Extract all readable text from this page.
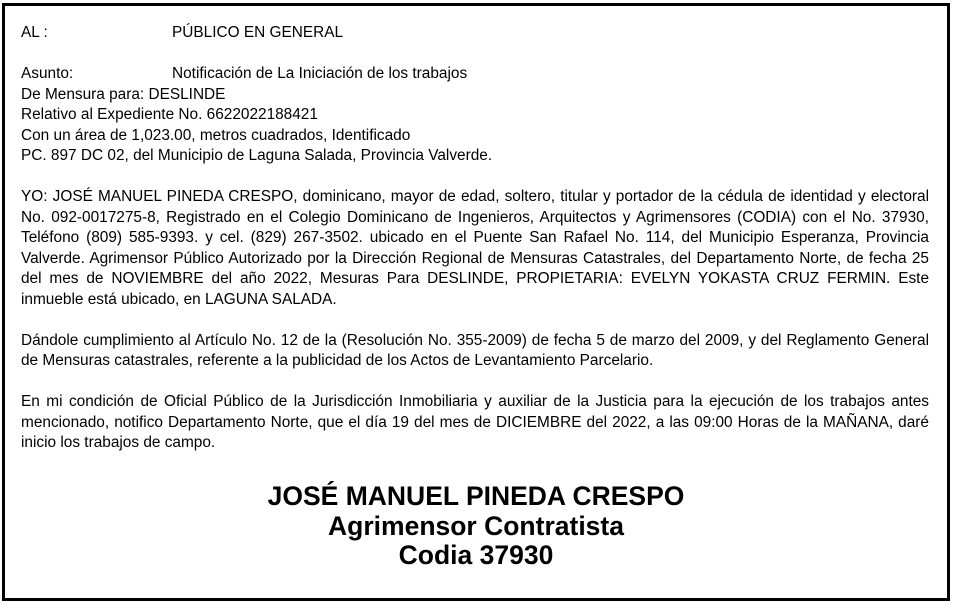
AL :	PÚBLICO EN GENERAL
Asunto:	Notificación de La Iniciación de los trabajos
De Mensura para: DESLINDE
Relativo al Expediente No. 6622022188421
Con un área de 1,023.00, metros cuadrados, Identificado
PC. 897 DC 02, del Municipio de Laguna Salada, Provincia Valverde.
YO: JOSÉ MANUEL PINEDA CRESPO, dominicano, mayor de edad, soltero, titular y portador de la cédula de identidad y electoral No. 092-0017275-8, Registrado en el Colegio Dominicano de Ingenieros, Arquitectos y Agrimensores (CODIA) con el No. 37930, Teléfono (809) 585-9393. y cel. (829) 267-3502. ubicado en el Puente San Rafael No. 114, del Municipio Esperanza, Provincia Valverde. Agrimensor Público Autorizado por la Dirección Regional de Mensuras Catastrales, del Departamento Norte, de fecha 25 del mes de NOVIEMBRE del año 2022, Mesuras Para DESLINDE, PROPIETARIA: EVELYN YOKASTA CRUZ FERMIN. Este inmueble está ubicado, en LAGUNA SALADA.
Dándole cumplimiento al Artículo No. 12 de la (Resolución No. 355-2009) de fecha 5 de marzo del 2009, y del Reglamento General de Mensuras catastrales, referente a la publicidad de los Actos de Levantamiento Parcelario.
En mi condición de Oficial Público de la Jurisdicción Inmobiliaria y auxiliar de la Justicia para la ejecución de los trabajos antes mencionado, notifico Departamento Norte, que el día 19 del mes de DICIEMBRE del 2022, a las 09:00 Horas de la MAÑANA, daré inicio los trabajos de campo.
JOSÉ MANUEL PINEDA CRESPO
Agrimensor Contratista
Codia 37930
